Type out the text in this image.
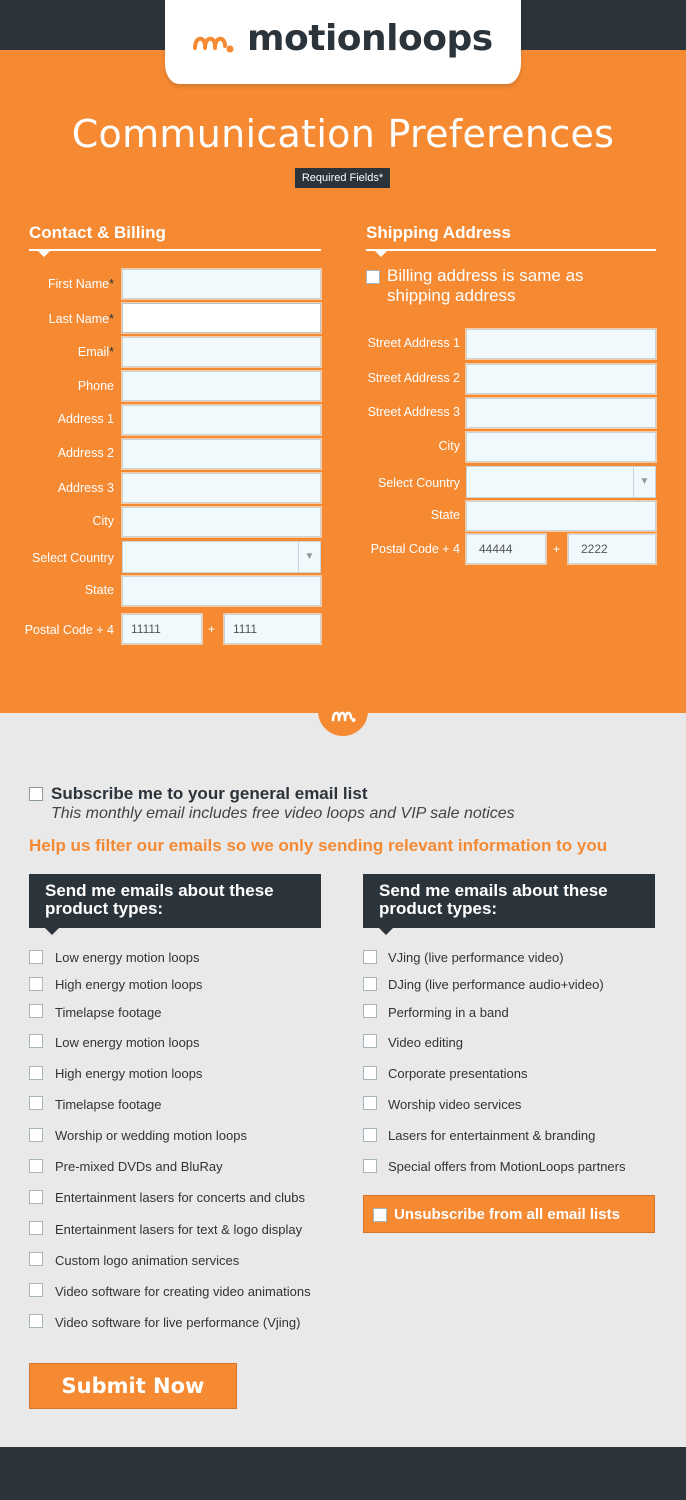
motionloops
Communication Preferences
Required Fields*
Contact & Billing
First Name*
Last Name*
Email*
Phone
Address 1
Address 2
Address 3
City
Select Country	▼
State
Postal Code + 4	11111	+	1111
Shipping Address
Billing address is same as shipping address
Street Address 1
Street Address 2
Street Address 3
City
Select Country	▼
State
Postal Code + 4	44444	+	2222
Subscribe me to your general email list
This monthly email includes free video loops and VIP sale notices
Help us filter our emails so we only sending relevant information to you
Send me emails about these product types:
Send me emails about these product types:
Low energy motion loops
High energy motion loops
Timelapse footage
Low energy motion loops
High energy motion loops
Timelapse footage
Worship or wedding motion loops
Pre-mixed DVDs and BluRay
Entertainment lasers for concerts and clubs
Entertainment lasers for text & logo display
Custom logo animation services
Video software for creating video animations
Video software for live performance (Vjing)
VJing (live performance video)
DJing (live performance audio+video)
Performing in a band
Video editing
Corporate presentations
Worship video services
Lasers for entertainment & branding
Special offers from MotionLoops partners
Unsubscribe from all email lists
Submit Now
